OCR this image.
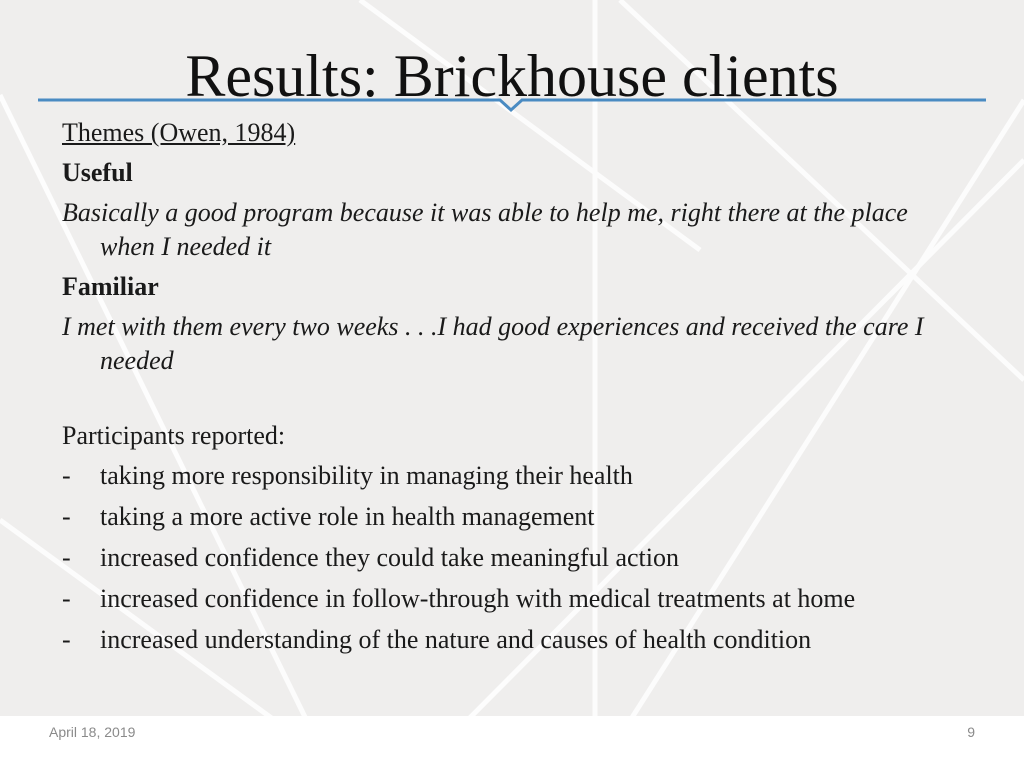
Results: Brickhouse clients
Themes (Owen, 1984)
Useful
Basically a good program because it was able to help me, right there at the place when I needed it
Familiar
I met with them every two weeks . . .I had good experiences and received the care I needed
Participants reported:
-	taking more responsibility in managing their health
-	taking a more active role in health management
-	increased confidence they could take meaningful action
-	increased confidence in follow-through with medical treatments at home
-	increased understanding of the nature and causes of health condition
April 18, 2019	9
